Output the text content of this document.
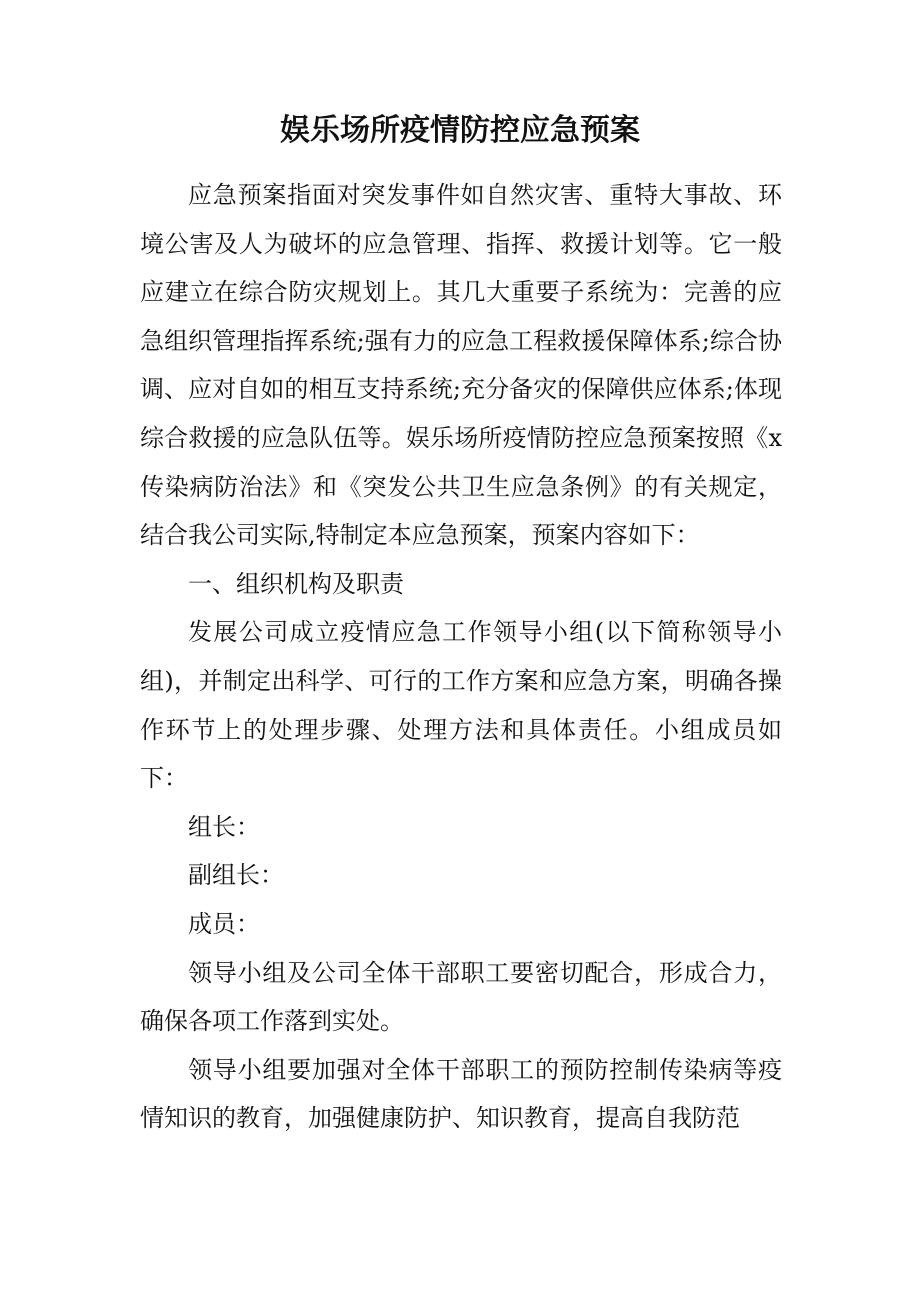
娱乐场所疫情防控应急预案

应急预案指面对突发事件如自然灾害、重特大事故、环境公害及人为破坏的应急管理、指挥、救援计划等。它一般应建立在综合防灾规划上。其几大重要子系统为：完善的应急组织管理指挥系统;强有力的应急工程救援保障体系;综合协调、应对自如的相互支持系统;充分备灾的保障供应体系;体现综合救援的应急队伍等。娱乐场所疫情防控应急预案按照《x传染病防治法》和《突发公共卫生应急条例》的有关规定，结合我公司实际,特制定本应急预案，预案内容如下：

一、组织机构及职责

发展公司成立疫情应急工作领导小组(以下简称领导小组)，并制定出科学、可行的工作方案和应急方案，明确各操作环节上的处理步骤、处理方法和具体责任。小组成员如下：

组长：

副组长：

成员：

领导小组及公司全体干部职工要密切配合，形成合力，确保各项工作落到实处。

领导小组要加强对全体干部职工的预防控制传染病等疫情知识的教育，加强健康防护、知识教育，提高自我防范
